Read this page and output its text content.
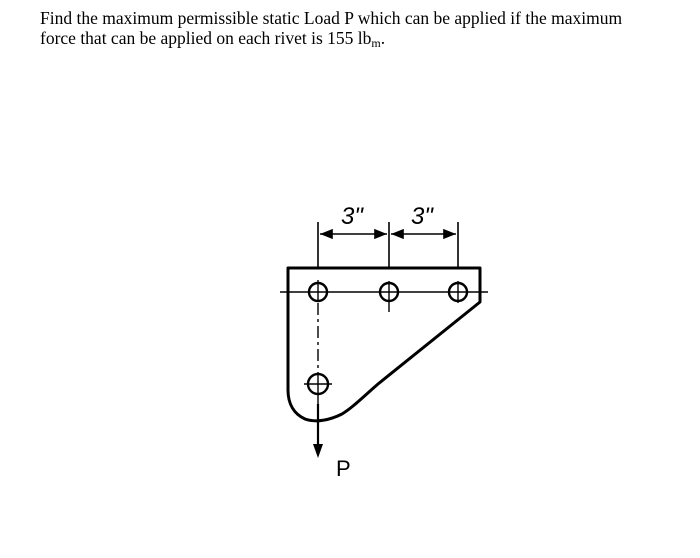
Find the maximum permissible static Load P which can be applied if the maximum
force that can be applied on each rivet is 155 $lb_m$.
3" 3"
P
